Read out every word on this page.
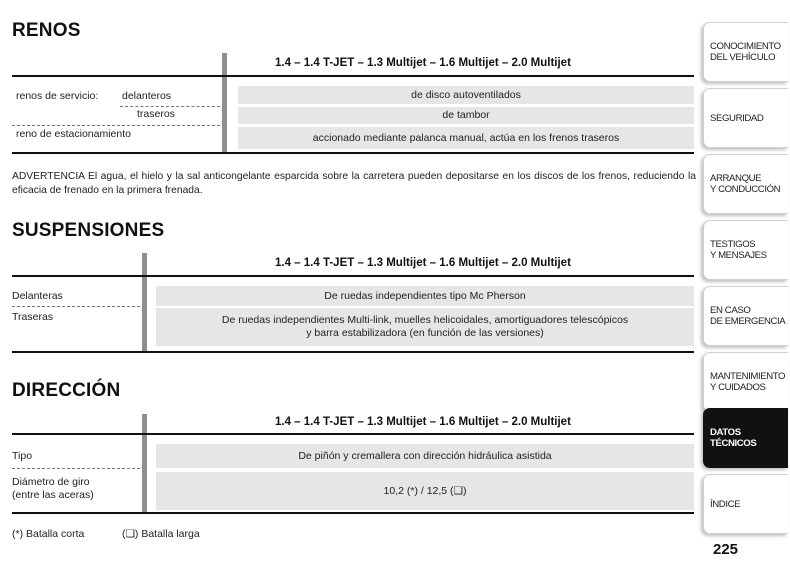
RENOS
1.4 – 1.4 T-JET – 1.3 Multijet – 1.6 Multijet – 2.0 Multijet
renos de servicio: delanteros
traseros
reno de estacionamiento
de disco autoventilados
de tambor
accionado mediante palanca manual, actúa en los frenos traseros
ADVERTENCIA El agua, el hielo y la sal anticongelante esparcida sobre la carretera pueden depositarse en los discos de los frenos, reduciendo la eficacia de frenado en la primera frenada.
SUSPENSIONES
1.4 – 1.4 T-JET – 1.3 Multijet – 1.6 Multijet – 2.0 Multijet
Delanteras
Traseras
De ruedas independientes tipo Mc Pherson
De ruedas independientes Multi-link, muelles helicoidales, amortiguadores telescópicos
y barra estabilizadora (en función de las versiones)
DIRECCIÓN
1.4 – 1.4 T-JET – 1.3 Multijet – 1.6 Multijet – 2.0 Multijet
Tipo
Diámetro de giro
(entre las aceras)
De piñón y cremallera con dirección hidráulica asistida
10,2 (*) / 12,5 (❏)
(*) Batalla corta	(❏) Batalla larga
CONOCIMIENTO
DEL VEHÍCULO
SEGURIDAD
ARRANQUE
Y CONDUCCIÓN
TESTIGOS
Y MENSAJES
EN CASO
DE EMERGENCIA
MANTENIMIENTO
Y CUIDADOS
DATOS TÉCNICOS
ÍNDICE
225
